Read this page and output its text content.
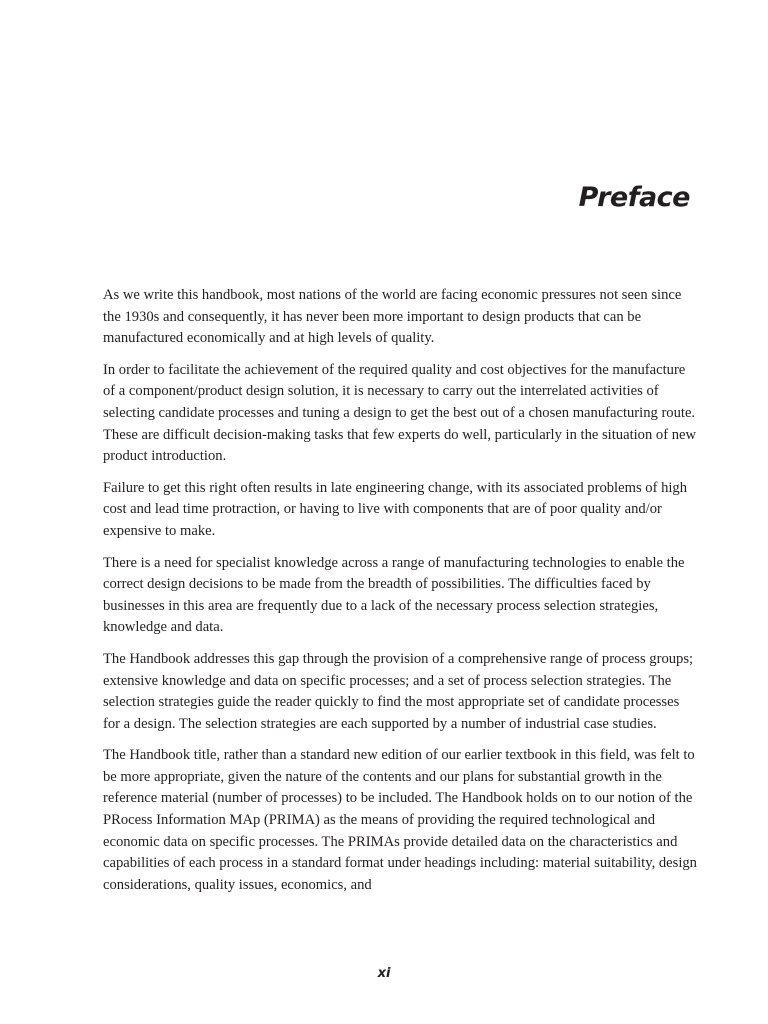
Preface

As we write this handbook, most nations of the world are facing economic pressures not seen since the 1930s and consequently, it has never been more important to design products that can be manufactured economically and at high levels of quality.

In order to facilitate the achievement of the required quality and cost objectives for the manufacture of a component/product design solution, it is necessary to carry out the interrelated activities of selecting candidate processes and tuning a design to get the best out of a chosen manufacturing route. These are difficult decision-making tasks that few experts do well, particularly in the situation of new product introduction.

Failure to get this right often results in late engineering change, with its associated problems of high cost and lead time protraction, or having to live with components that are of poor quality and/or expensive to make.

There is a need for specialist knowledge across a range of manufacturing technologies to enable the correct design decisions to be made from the breadth of possibilities. The difficulties faced by businesses in this area are frequently due to a lack of the necessary process selection strategies, knowledge and data.

The Handbook addresses this gap through the provision of a comprehensive range of process groups; extensive knowledge and data on specific processes; and a set of process selection strategies. The selection strategies guide the reader quickly to find the most appropriate set of candidate processes for a design. The selection strategies are each supported by a number of industrial case studies.

The Handbook title, rather than a standard new edition of our earlier textbook in this field, was felt to be more appropriate, given the nature of the contents and our plans for substantial growth in the reference material (number of processes) to be included. The Handbook holds on to our notion of the PRocess Information MAp (PRIMA) as the means of providing the required technological and economic data on specific processes. The PRIMAs provide detailed data on the characteristics and capabilities of each process in a standard format under headings including: material suitability, design considerations, quality issues, economics, and

xi
